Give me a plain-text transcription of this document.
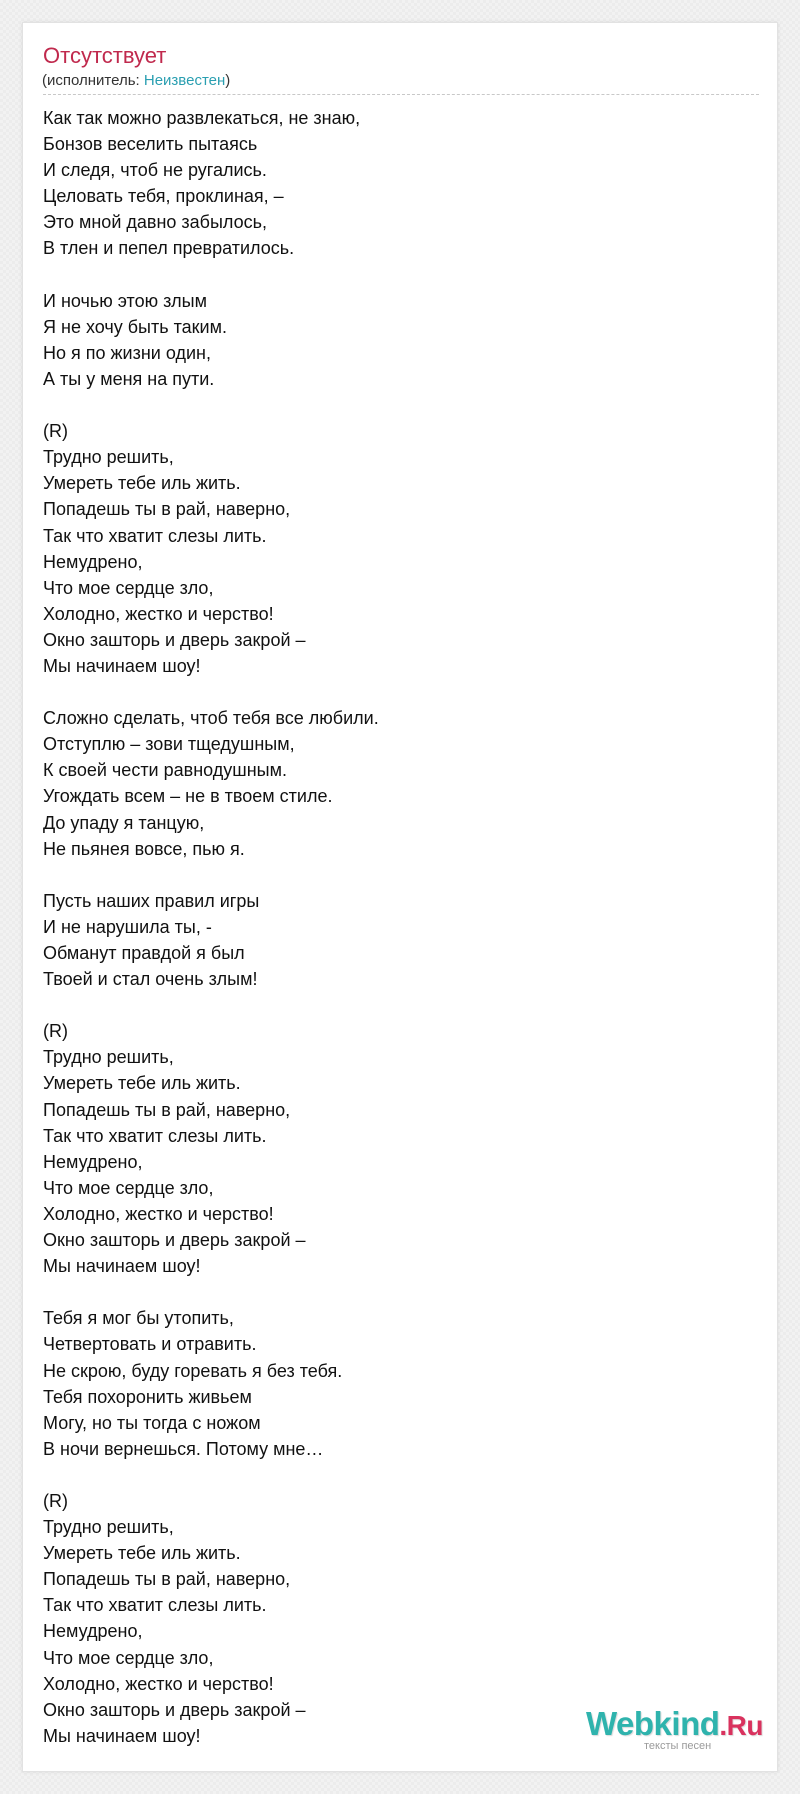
Отсутствует
(исполнитель: Неизвестен)
Как так можно развлекаться, не знаю,
Бонзов веселить пытаясь
И следя, чтоб не ругались.
Целовать тебя, проклиная, –
Это мной давно забылось,
В тлен и пепел превратилось.
И ночью этою злым
Я не хочу быть таким.
Но я по жизни один,
А ты у меня на пути.
(R)
Трудно решить,
Умереть тебе иль жить.
Попадешь ты в рай, наверно,
Так что хватит слезы лить.
Немудрено,
Что мое сердце зло,
Холодно, жестко и черство!
Окно зашторь и дверь закрой –
Мы начинаем шоу!
Сложно сделать, чтоб тебя все любили.
Отступлю – зови тщедушным,
К своей чести равнодушным.
Угождать всем – не в твоем стиле.
До упаду я танцую,
Не пьянея вовсе, пью я.
Пусть наших правил игры
И не нарушила ты, -
Обманут правдой я был
Твоей и стал очень злым!
(R)
Трудно решить,
Умереть тебе иль жить.
Попадешь ты в рай, наверно,
Так что хватит слезы лить.
Немудрено,
Что мое сердце зло,
Холодно, жестко и черство!
Окно зашторь и дверь закрой –
Мы начинаем шоу!
Тебя я мог бы утопить,
Четвертовать и отравить.
Не скрою, буду горевать я без тебя.
Тебя похоронить живьем
Могу, но ты тогда с ножом
В ночи вернешься. Потому мне…
(R)
Трудно решить,
Умереть тебе иль жить.
Попадешь ты в рай, наверно,
Так что хватит слезы лить.
Немудрено,
Что мое сердце зло,
Холодно, жестко и черство!
Окно зашторь и дверь закрой –
Мы начинаем шоу!	Webkind.Ru
тексты песен
